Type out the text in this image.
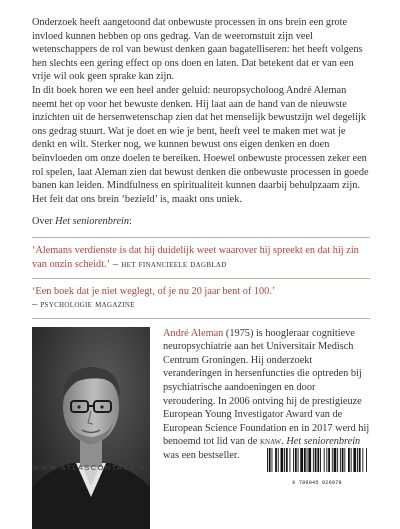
Onderzoek heeft aangetoond dat onbewuste processen in ons brein een grote invloed kunnen hebben op ons gedrag. Van de weeromstuit zijn veel wetenschappers de rol van bewust denken gaan bagatelliseren: het heeft volgens hen slechts een gering effect op ons doen en laten. Dat betekent dat er van een vrije wil ook geen sprake kan zijn.

In dit boek horen we een heel ander geluid: neuropsycholoog André Aleman neemt het op voor het bewuste denken. Hij laat aan de hand van de nieuwste inzichten uit de hersenwetenschap zien dat het menselijk bewustzijn wel degelijk ons gedrag stuurt. Wat je doet en wie je bent, heeft veel te maken met wat je denkt en wilt. Sterker nog, we kunnen bewust ons eigen denken en doen beïnvloeden om onze doelen te bereiken. Hoewel onbewuste processen zeker een rol spelen, laat Aleman zien dat bewust denken die onbewuste processen in goede banen kan leiden. Mindfulness en spiritualiteit kunnen daarbij behulpzaam zijn. Het feit dat ons brein ‘bezield’ is, maakt ons uniek.

Over Het seniorenbrein:

‘Alemans verdienste is dat hij duidelijk weet waarover hij spreekt en dat hij zin van onzin scheidt.’ – het financieele dagblad

‘Een boek dat je niet weglegt, of je nu 20 jaar bent of 100.’
– psychologie magazine

André Aleman (1975) is hoogleraar cognitieve neuropsychiatrie aan het Universitair Medisch Centrum Groningen. Hij onderzoekt veranderingen in hersenfuncties die optreden bij psychiatrische aandoeningen en door veroudering. In 2006 ontving hij de prestigieuze European Young Investigator Award van de European Science Foundation en in 2017 werd hij benoemd tot lid van de knaw. Het seniorenbrein was een bestseller.
WWW.ATLASCONTACT.NL
9 789045 026978
